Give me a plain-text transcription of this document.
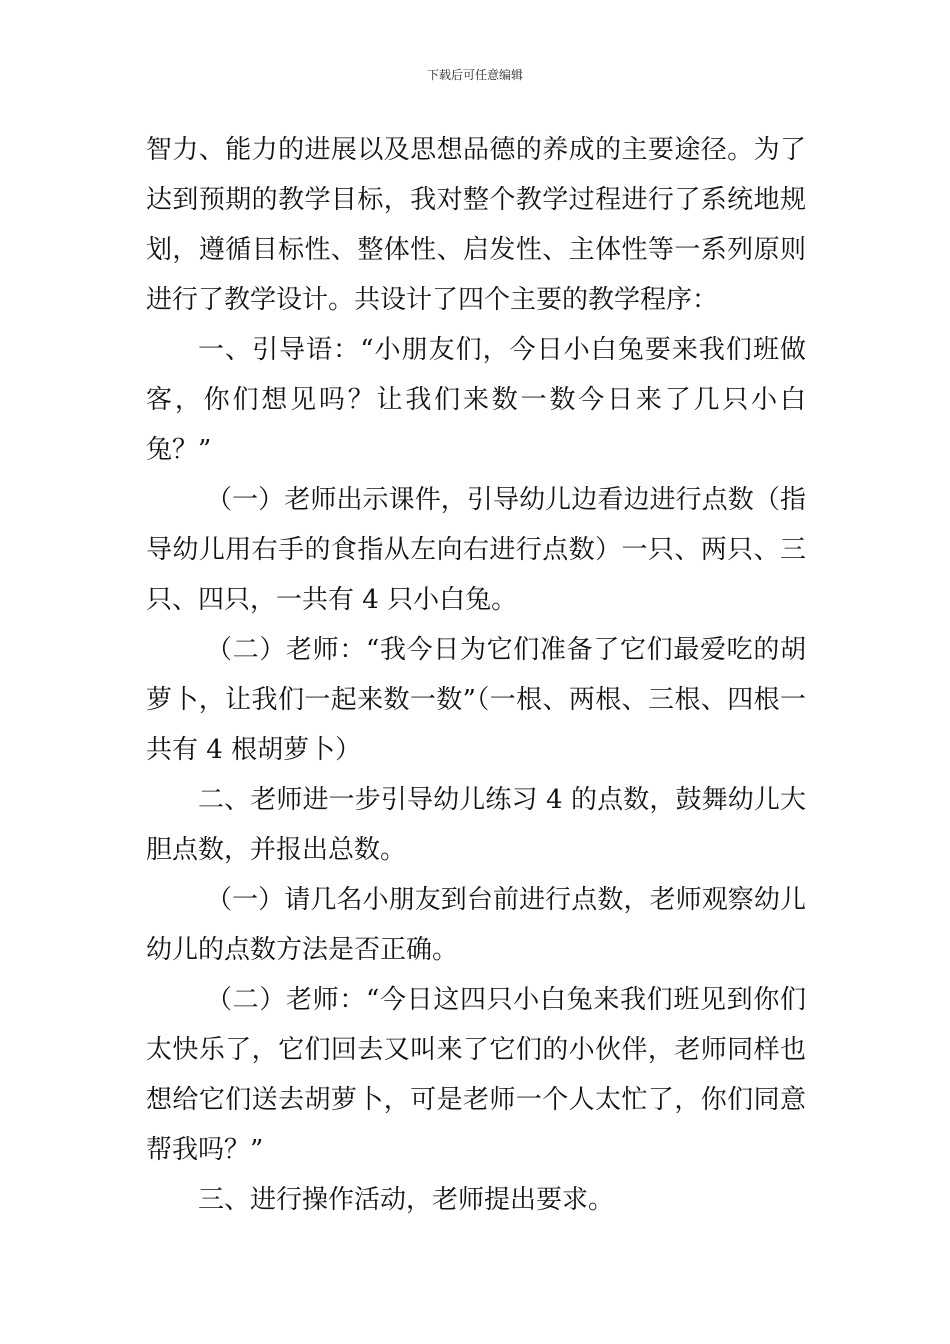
下载后可任意编辑

智力、能力的进展以及思想品德的养成的主要途径。为了达到预期的教学目标，我对整个教学过程进行了系统地规划，遵循目标性、整体性、启发性、主体性等一系列原则进行了教学设计。共设计了四个主要的教学程序：

一、引导语：“小朋友们，今日小白兔要来我们班做客，你们想见吗？让我们来数一数今日来了几只小白兔？”

（一）老师出示课件，引导幼儿边看边进行点数（指导幼儿用右手的食指从左向右进行点数）一只、两只、三只、四只，一共有 4 只小白兔。

（二）老师：“我今日为它们准备了它们最爱吃的胡萝卜，让我们一起来数一数”（一根、两根、三根、四根一共有 4 根胡萝卜）

二、老师进一步引导幼儿练习 4 的点数，鼓舞幼儿大胆点数，并报出总数。

（一）请几名小朋友到台前进行点数，老师观察幼儿幼儿的点数方法是否正确。

（二）老师：“今日这四只小白兔来我们班见到你们太快乐了，它们回去又叫来了它们的小伙伴，老师同样也想给它们送去胡萝卜，可是老师一个人太忙了，你们同意帮我吗？”

三、进行操作活动，老师提出要求。
